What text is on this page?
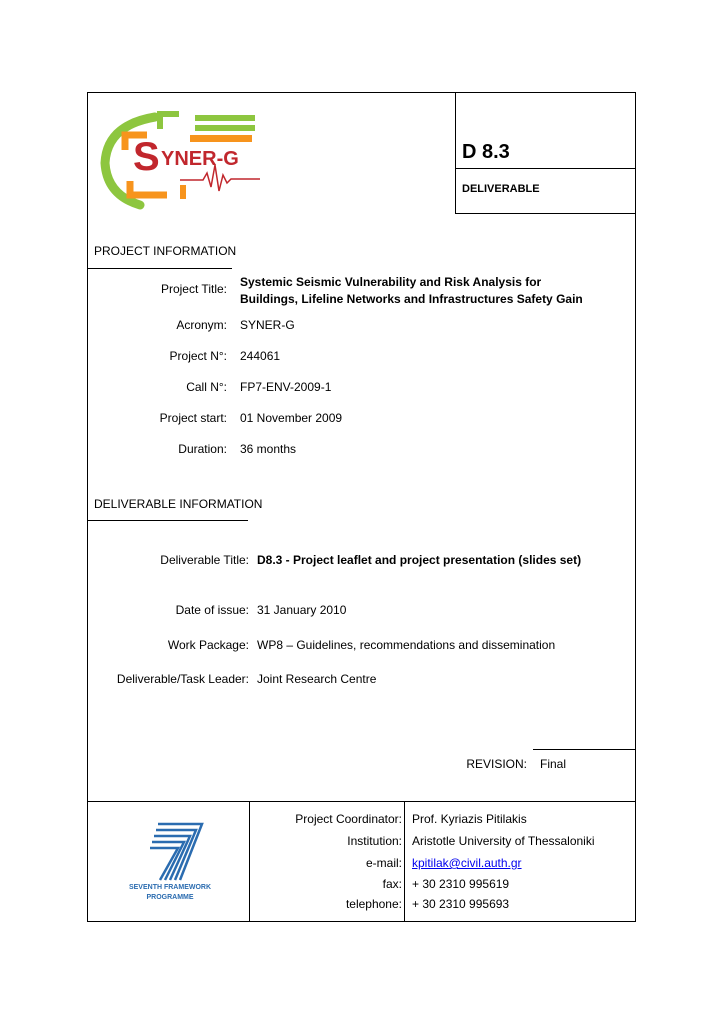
S YNER-G	D 8.3
DELIVERABLE
PROJECT INFORMATION
Project Title: Systemic Seismic Vulnerability and Risk Analysis for
Buildings, Lifeline Networks and Infrastructures Safety Gain
Acronym: SYNER-G
Project N°: 244061
Call N°: FP7-ENV-2009-1
Project start: 01 November 2009
Duration: 36 months
DELIVERABLE INFORMATION
Deliverable Title: D8.3 - Project leaflet and project presentation (slides set)
Date of issue: 31 January 2010
Work Package: WP8 – Guidelines, recommendations and dissemination
Deliverable/Task Leader: Joint Research Centre
REVISION: Final
SEVENTH FRAMEWORK
PROGRAMME
Project Coordinator: Prof. Kyriazis Pitilakis
Institution: Aristotle University of Thessaloniki
e-mail: kpitilak@civil.auth.gr
fax: + 30 2310 995619
telephone: + 30 2310 995693
